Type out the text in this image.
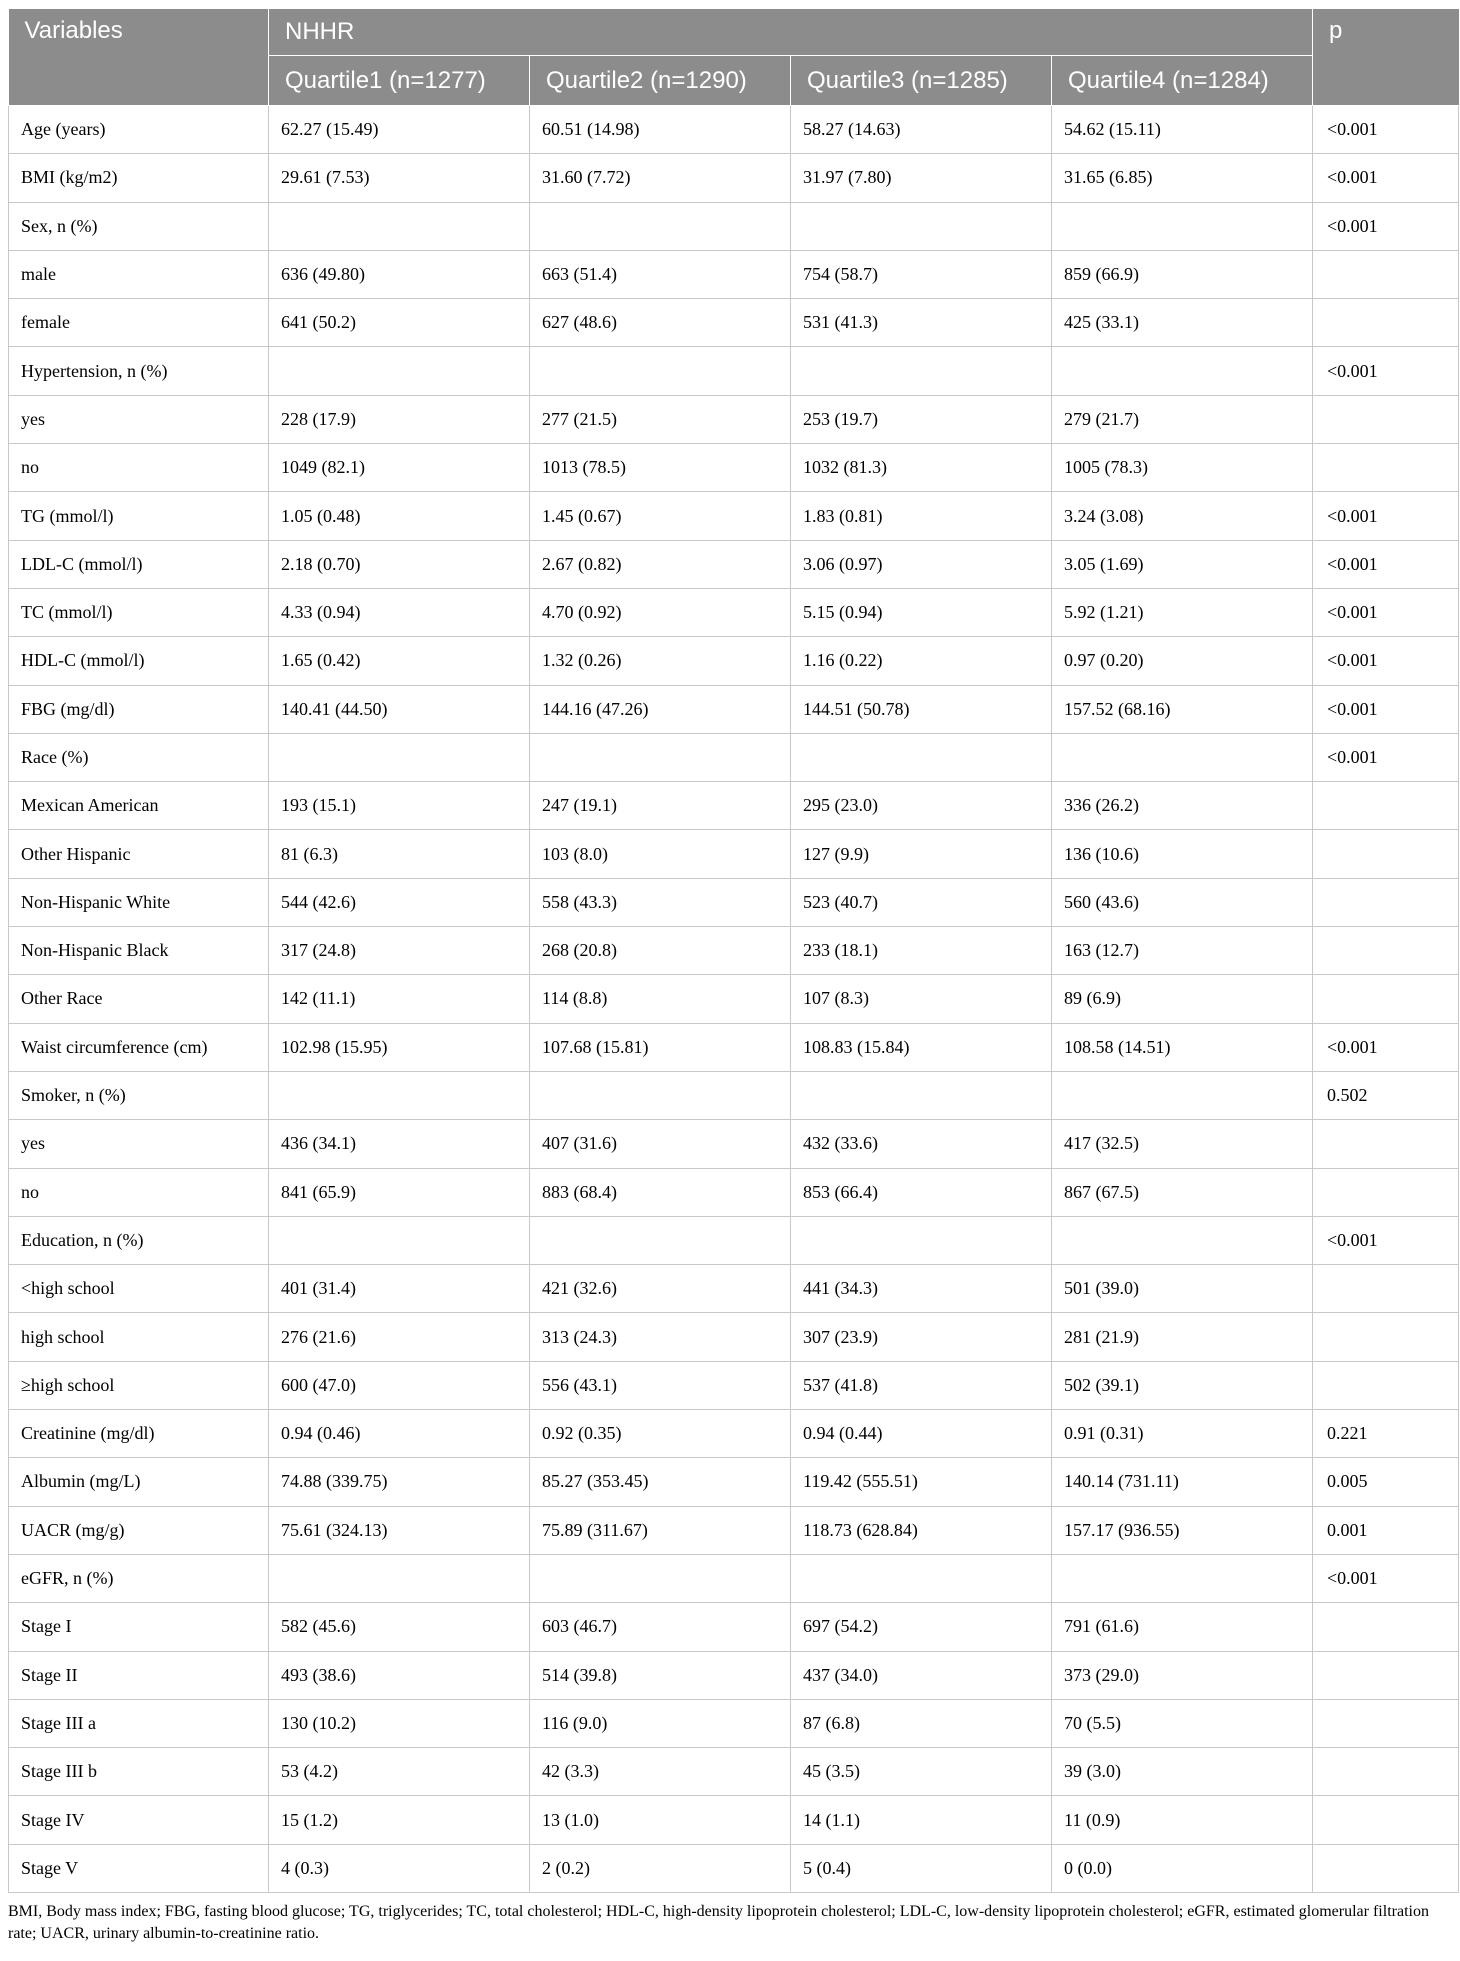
Variables	NHHR				p
	Quartile1 (n=1277)	Quartile2 (n=1290)	Quartile3 (n=1285)	Quartile4 (n=1284)	
Age (years)	62.27 (15.49)	60.51 (14.98)	58.27 (14.63)	54.62 (15.11)	<0.001
BMI (kg/m2)	29.61 (7.53)	31.60 (7.72)	31.97 (7.80)	31.65 (6.85)	<0.001
Sex, n (%)					<0.001
male	636 (49.80)	663 (51.4)	754 (58.7)	859 (66.9)	
female	641 (50.2)	627 (48.6)	531 (41.3)	425 (33.1)	
Hypertension, n (%)					<0.001
yes	228 (17.9)	277 (21.5)	253 (19.7)	279 (21.7)	
no	1049 (82.1)	1013 (78.5)	1032 (81.3)	1005 (78.3)	
TG (mmol/l)	1.05 (0.48)	1.45 (0.67)	1.83 (0.81)	3.24 (3.08)	<0.001
LDL-C (mmol/l)	2.18 (0.70)	2.67 (0.82)	3.06 (0.97)	3.05 (1.69)	<0.001
TC (mmol/l)	4.33 (0.94)	4.70 (0.92)	5.15 (0.94)	5.92 (1.21)	<0.001
HDL-C (mmol/l)	1.65 (0.42)	1.32 (0.26)	1.16 (0.22)	0.97 (0.20)	<0.001
FBG (mg/dl)	140.41 (44.50)	144.16 (47.26)	144.51 (50.78)	157.52 (68.16)	<0.001
Race (%)					<0.001
Mexican American	193 (15.1)	247 (19.1)	295 (23.0)	336 (26.2)	
Other Hispanic	81 (6.3)	103 (8.0)	127 (9.9)	136 (10.6)	
Non-Hispanic White	544 (42.6)	558 (43.3)	523 (40.7)	560 (43.6)	
Non-Hispanic Black	317 (24.8)	268 (20.8)	233 (18.1)	163 (12.7)	
Other Race	142 (11.1)	114 (8.8)	107 (8.3)	89 (6.9)	
Waist circumference (cm)	102.98 (15.95)	107.68 (15.81)	108.83 (15.84)	108.58 (14.51)	<0.001
Smoker, n (%)					0.502
yes	436 (34.1)	407 (31.6)	432 (33.6)	417 (32.5)	
no	841 (65.9)	883 (68.4)	853 (66.4)	867 (67.5)	
Education, n (%)					<0.001
<high school	401 (31.4)	421 (32.6)	441 (34.3)	501 (39.0)	
high school	276 (21.6)	313 (24.3)	307 (23.9)	281 (21.9)	
≥high school	600 (47.0)	556 (43.1)	537 (41.8)	502 (39.1)	
Creatinine (mg/dl)	0.94 (0.46)	0.92 (0.35)	0.94 (0.44)	0.91 (0.31)	0.221
Albumin (mg/L)	74.88 (339.75)	85.27 (353.45)	119.42 (555.51)	140.14 (731.11)	0.005
UACR (mg/g)	75.61 (324.13)	75.89 (311.67)	118.73 (628.84)	157.17 (936.55)	0.001
eGFR, n (%)					<0.001
Stage I	582 (45.6)	603 (46.7)	697 (54.2)	791 (61.6)	
Stage II	493 (38.6)	514 (39.8)	437 (34.0)	373 (29.0)	
Stage III a	130 (10.2)	116 (9.0)	87 (6.8)	70 (5.5)	
Stage III b	53 (4.2)	42 (3.3)	45 (3.5)	39 (3.0)	
Stage IV	15 (1.2)	13 (1.0)	14 (1.1)	11 (0.9)	
Stage V	4 (0.3)	2 (0.2)	5 (0.4)	0 (0.0)	
BMI, Body mass index; FBG, fasting blood glucose; TG, triglycerides; TC, total cholesterol; HDL-C, high-density lipoprotein cholesterol; LDL-C, low-density lipoprotein cholesterol; eGFR, estimated glomerular filtration rate; UACR, urinary albumin-to-creatinine ratio.
